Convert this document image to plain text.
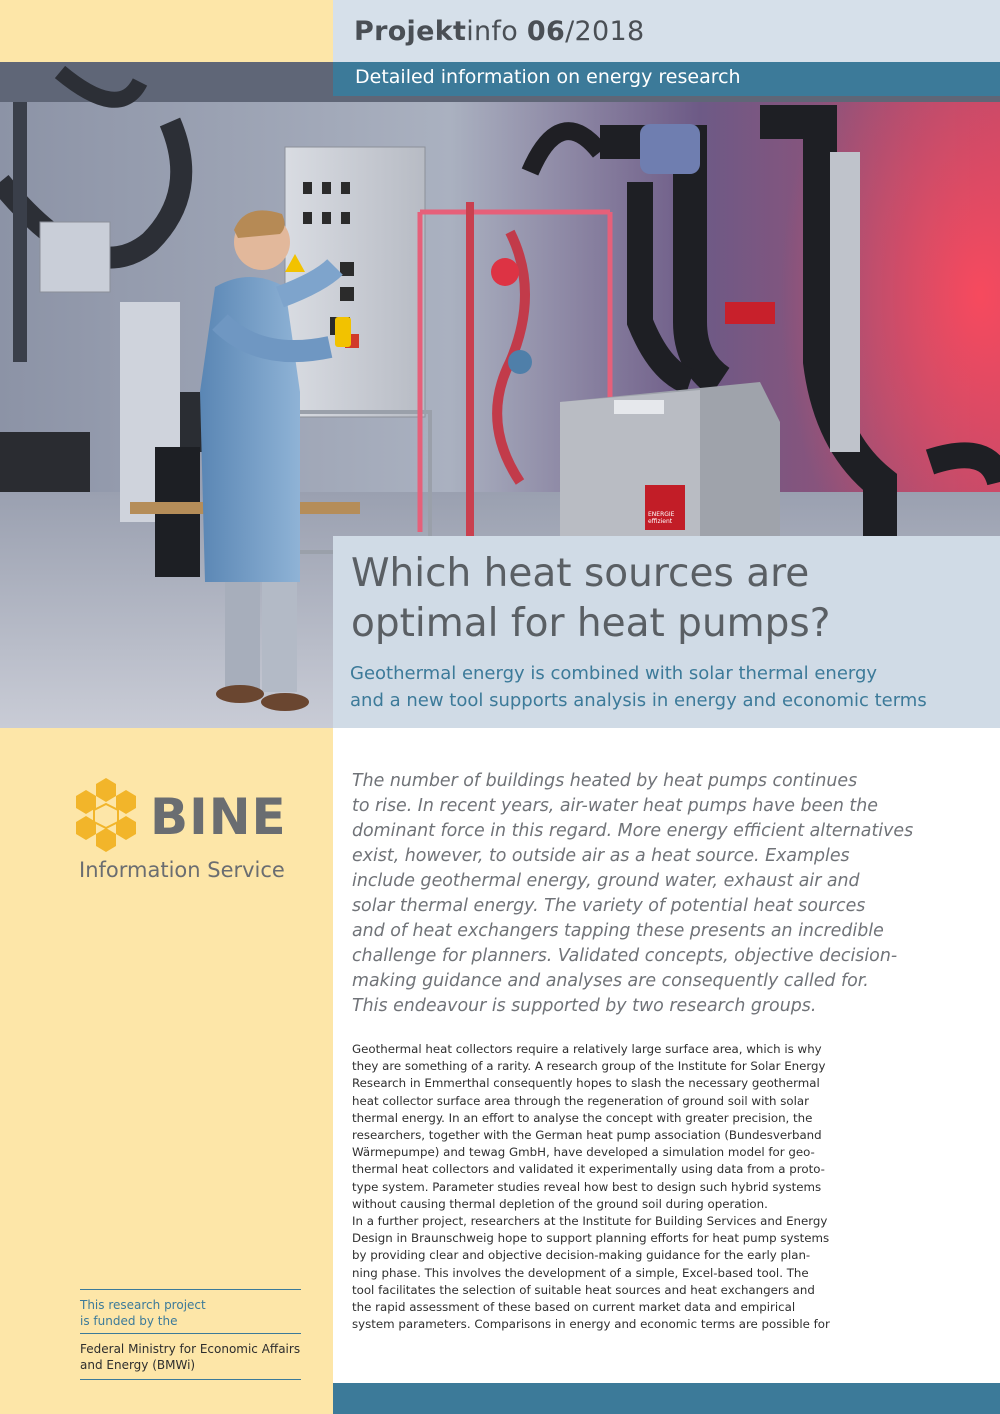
Projektinfo 06/2018
ENERGIE
effizient
Detailed information on energy research
Which heat sources are
optimal for heat pumps?
Geothermal energy is combined with solar thermal energy
and a new tool supports analysis in energy and economic terms
BINE
Information Service
This research project
is funded by the
Federal Ministry for Economic Affairs
and Energy (BMWi)
The number of buildings heated by heat pumps continues
to rise. In recent years, air-water heat pumps have been the
dominant force in this regard. More energy efficient alternatives
exist, however, to outside air as a heat source. Examples
include geothermal energy, ground water, exhaust air and
solar thermal energy. The variety of potential heat sources
and of heat exchangers tapping these presents an incredible
challenge for planners. Validated concepts, objective decision-
making guidance and analyses are consequently called for.
This endeavour is supported by two research groups.
Geothermal heat collectors require a relatively large surface area, which is why
they are something of a rarity. A research group of the Institute for Solar Energy
Research in Emmerthal consequently hopes to slash the necessary geothermal
heat collector surface area through the regeneration of ground soil with solar
thermal energy. In an effort to analyse the concept with greater precision, the
researchers, together with the German heat pump association (Bundesverband
Wärmepumpe) and tewag GmbH, have developed a simulation model for geo-
thermal heat collectors and validated it experimentally using data from a proto-
type system. Parameter studies reveal how best to design such hybrid systems
without causing thermal depletion of the ground soil during operation.
In a further project, researchers at the Institute for Building Services and Energy
Design in Braunschweig hope to support planning efforts for heat pump systems
by providing clear and objective decision-making guidance for the early plan-
ning phase. This involves the development of a simple, Excel-based tool. The
tool facilitates the selection of suitable heat sources and heat exchangers and
the rapid assessment of these based on current market data and empirical
system parameters. Comparisons in energy and economic terms are possible for
